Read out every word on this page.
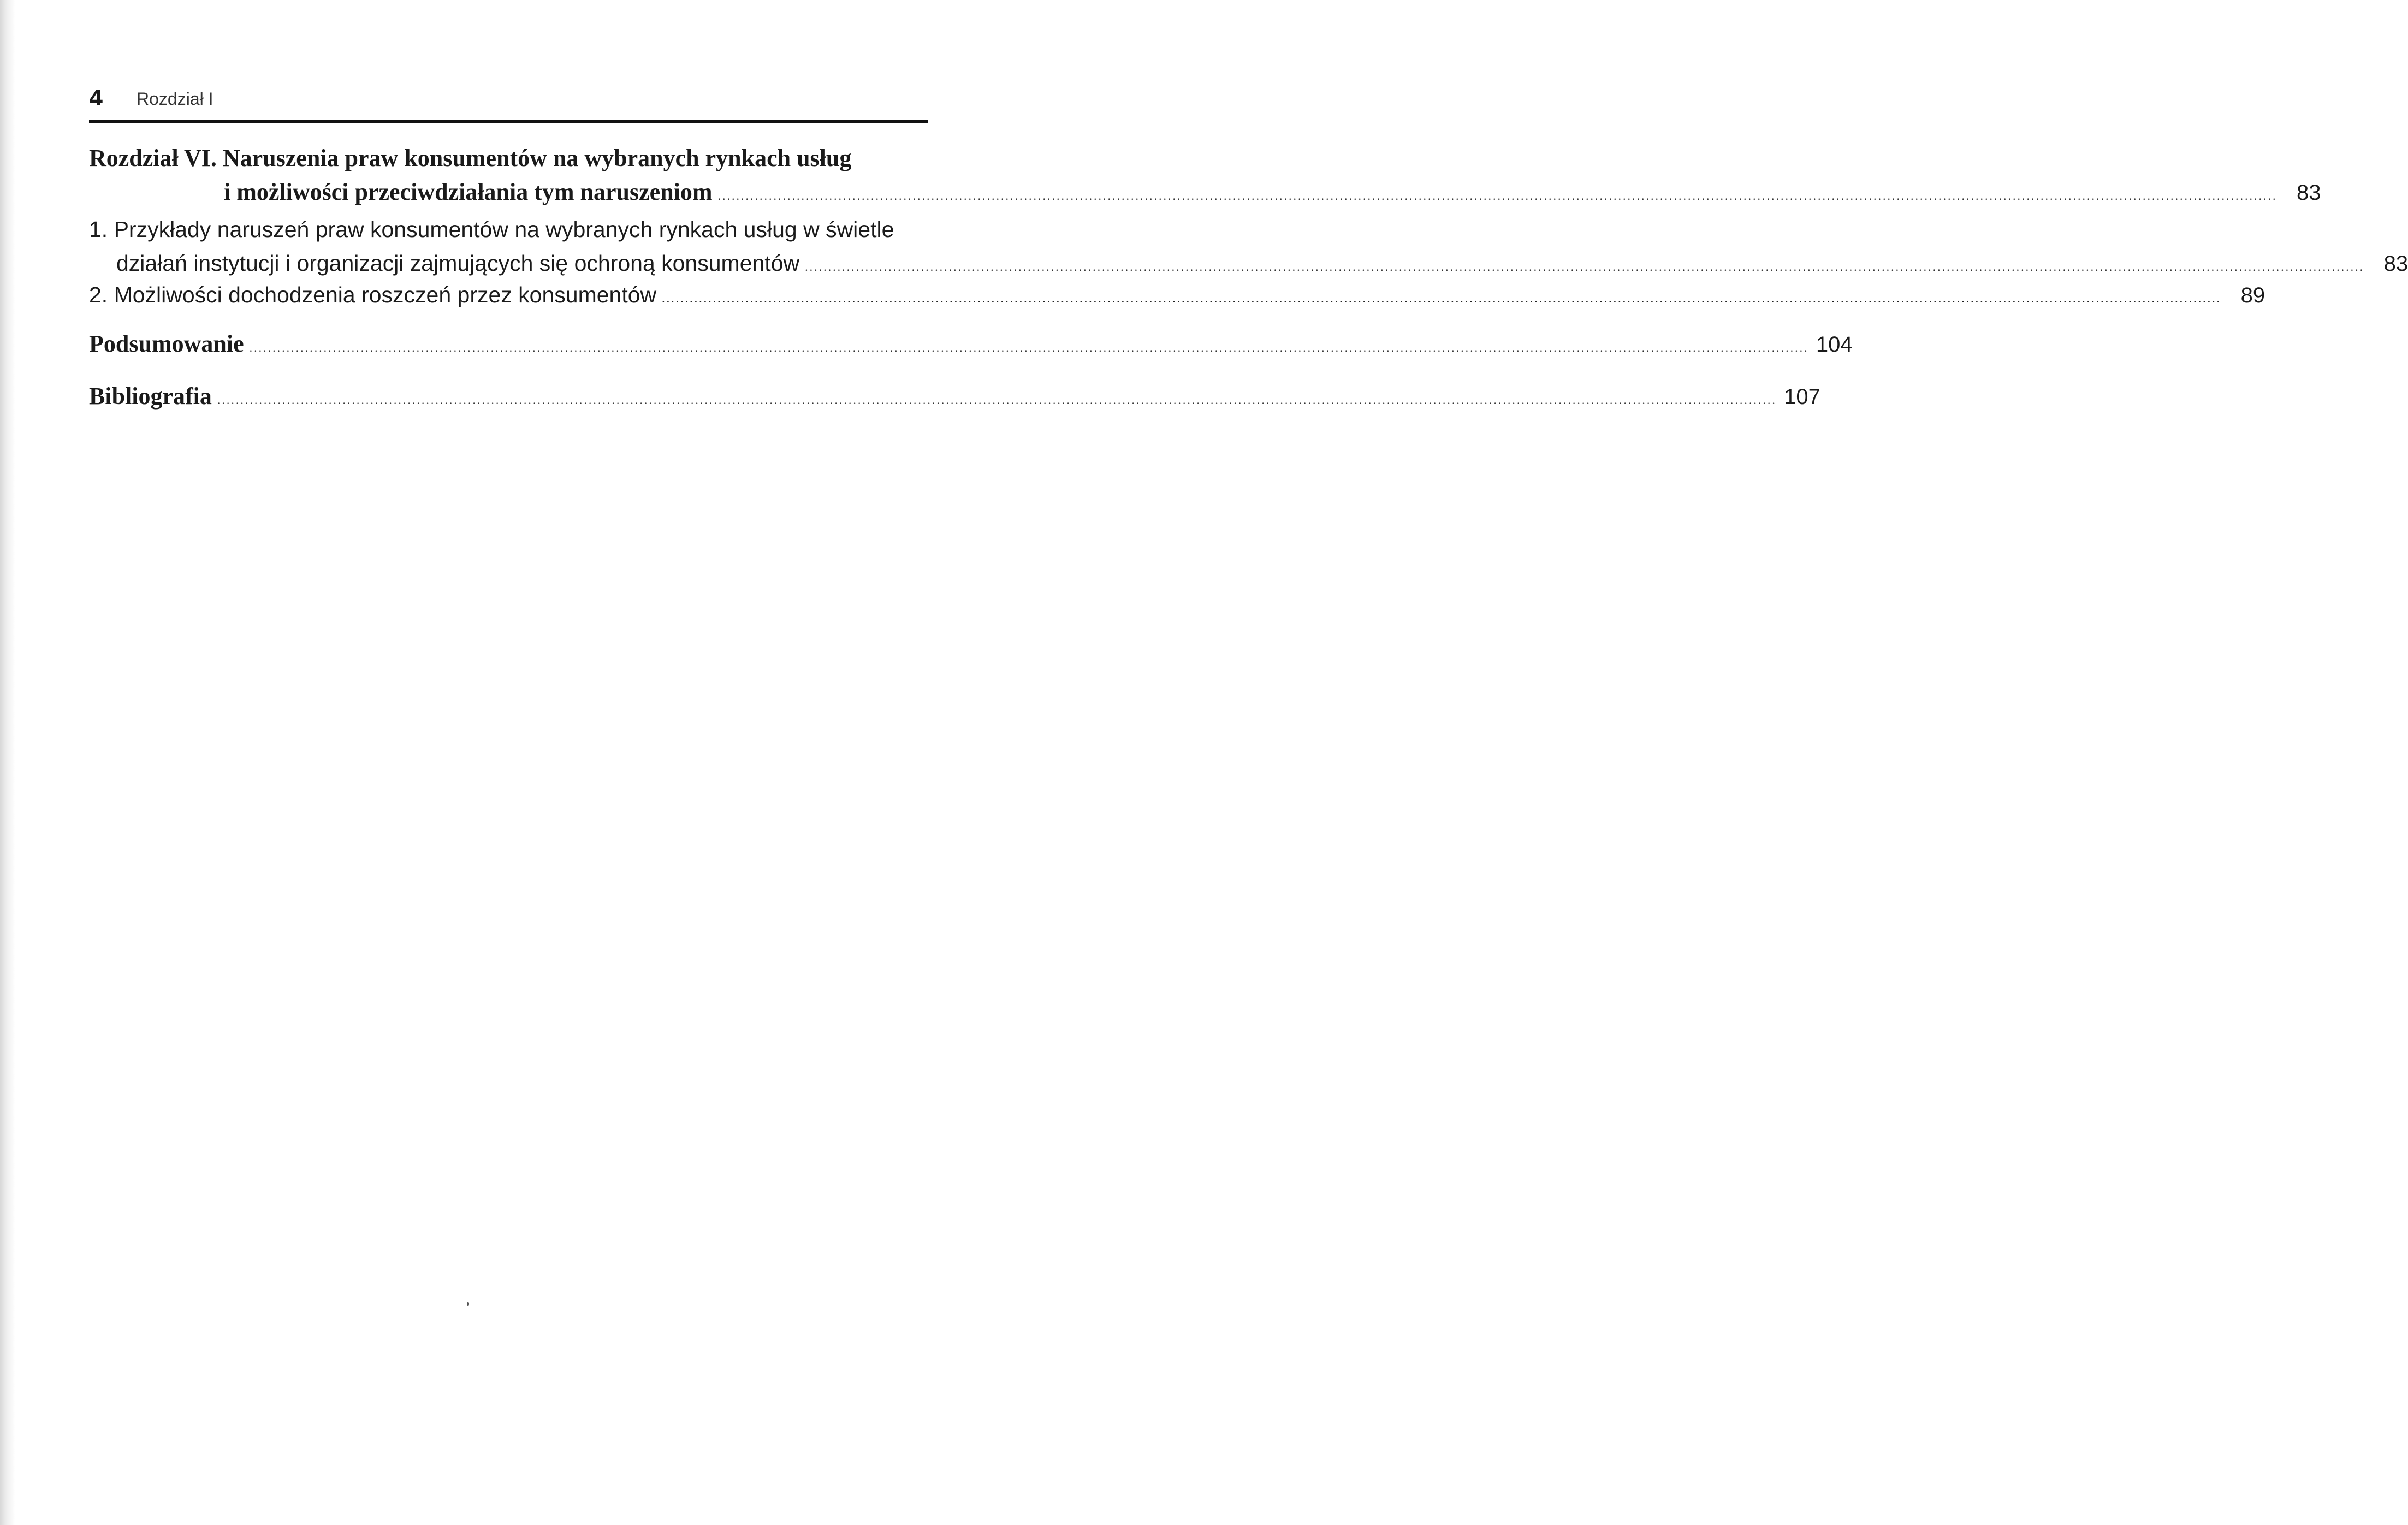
4 Rozdział I
Rozdział VI. Naruszenia praw konsumentów na wybranych rynkach usług
i możliwości przeciwdziałania tym naruszeniom .....	83
1. Przykłady naruszeń praw konsumentów na wybranych rynkach usług w świetle
działań instytucji i organizacji zajmujących się ochroną konsumentów .....	83
2. Możliwości dochodzenia roszczeń przez konsumentów .....	89
Podsumowanie .....	104
Bibliografia .....	107
